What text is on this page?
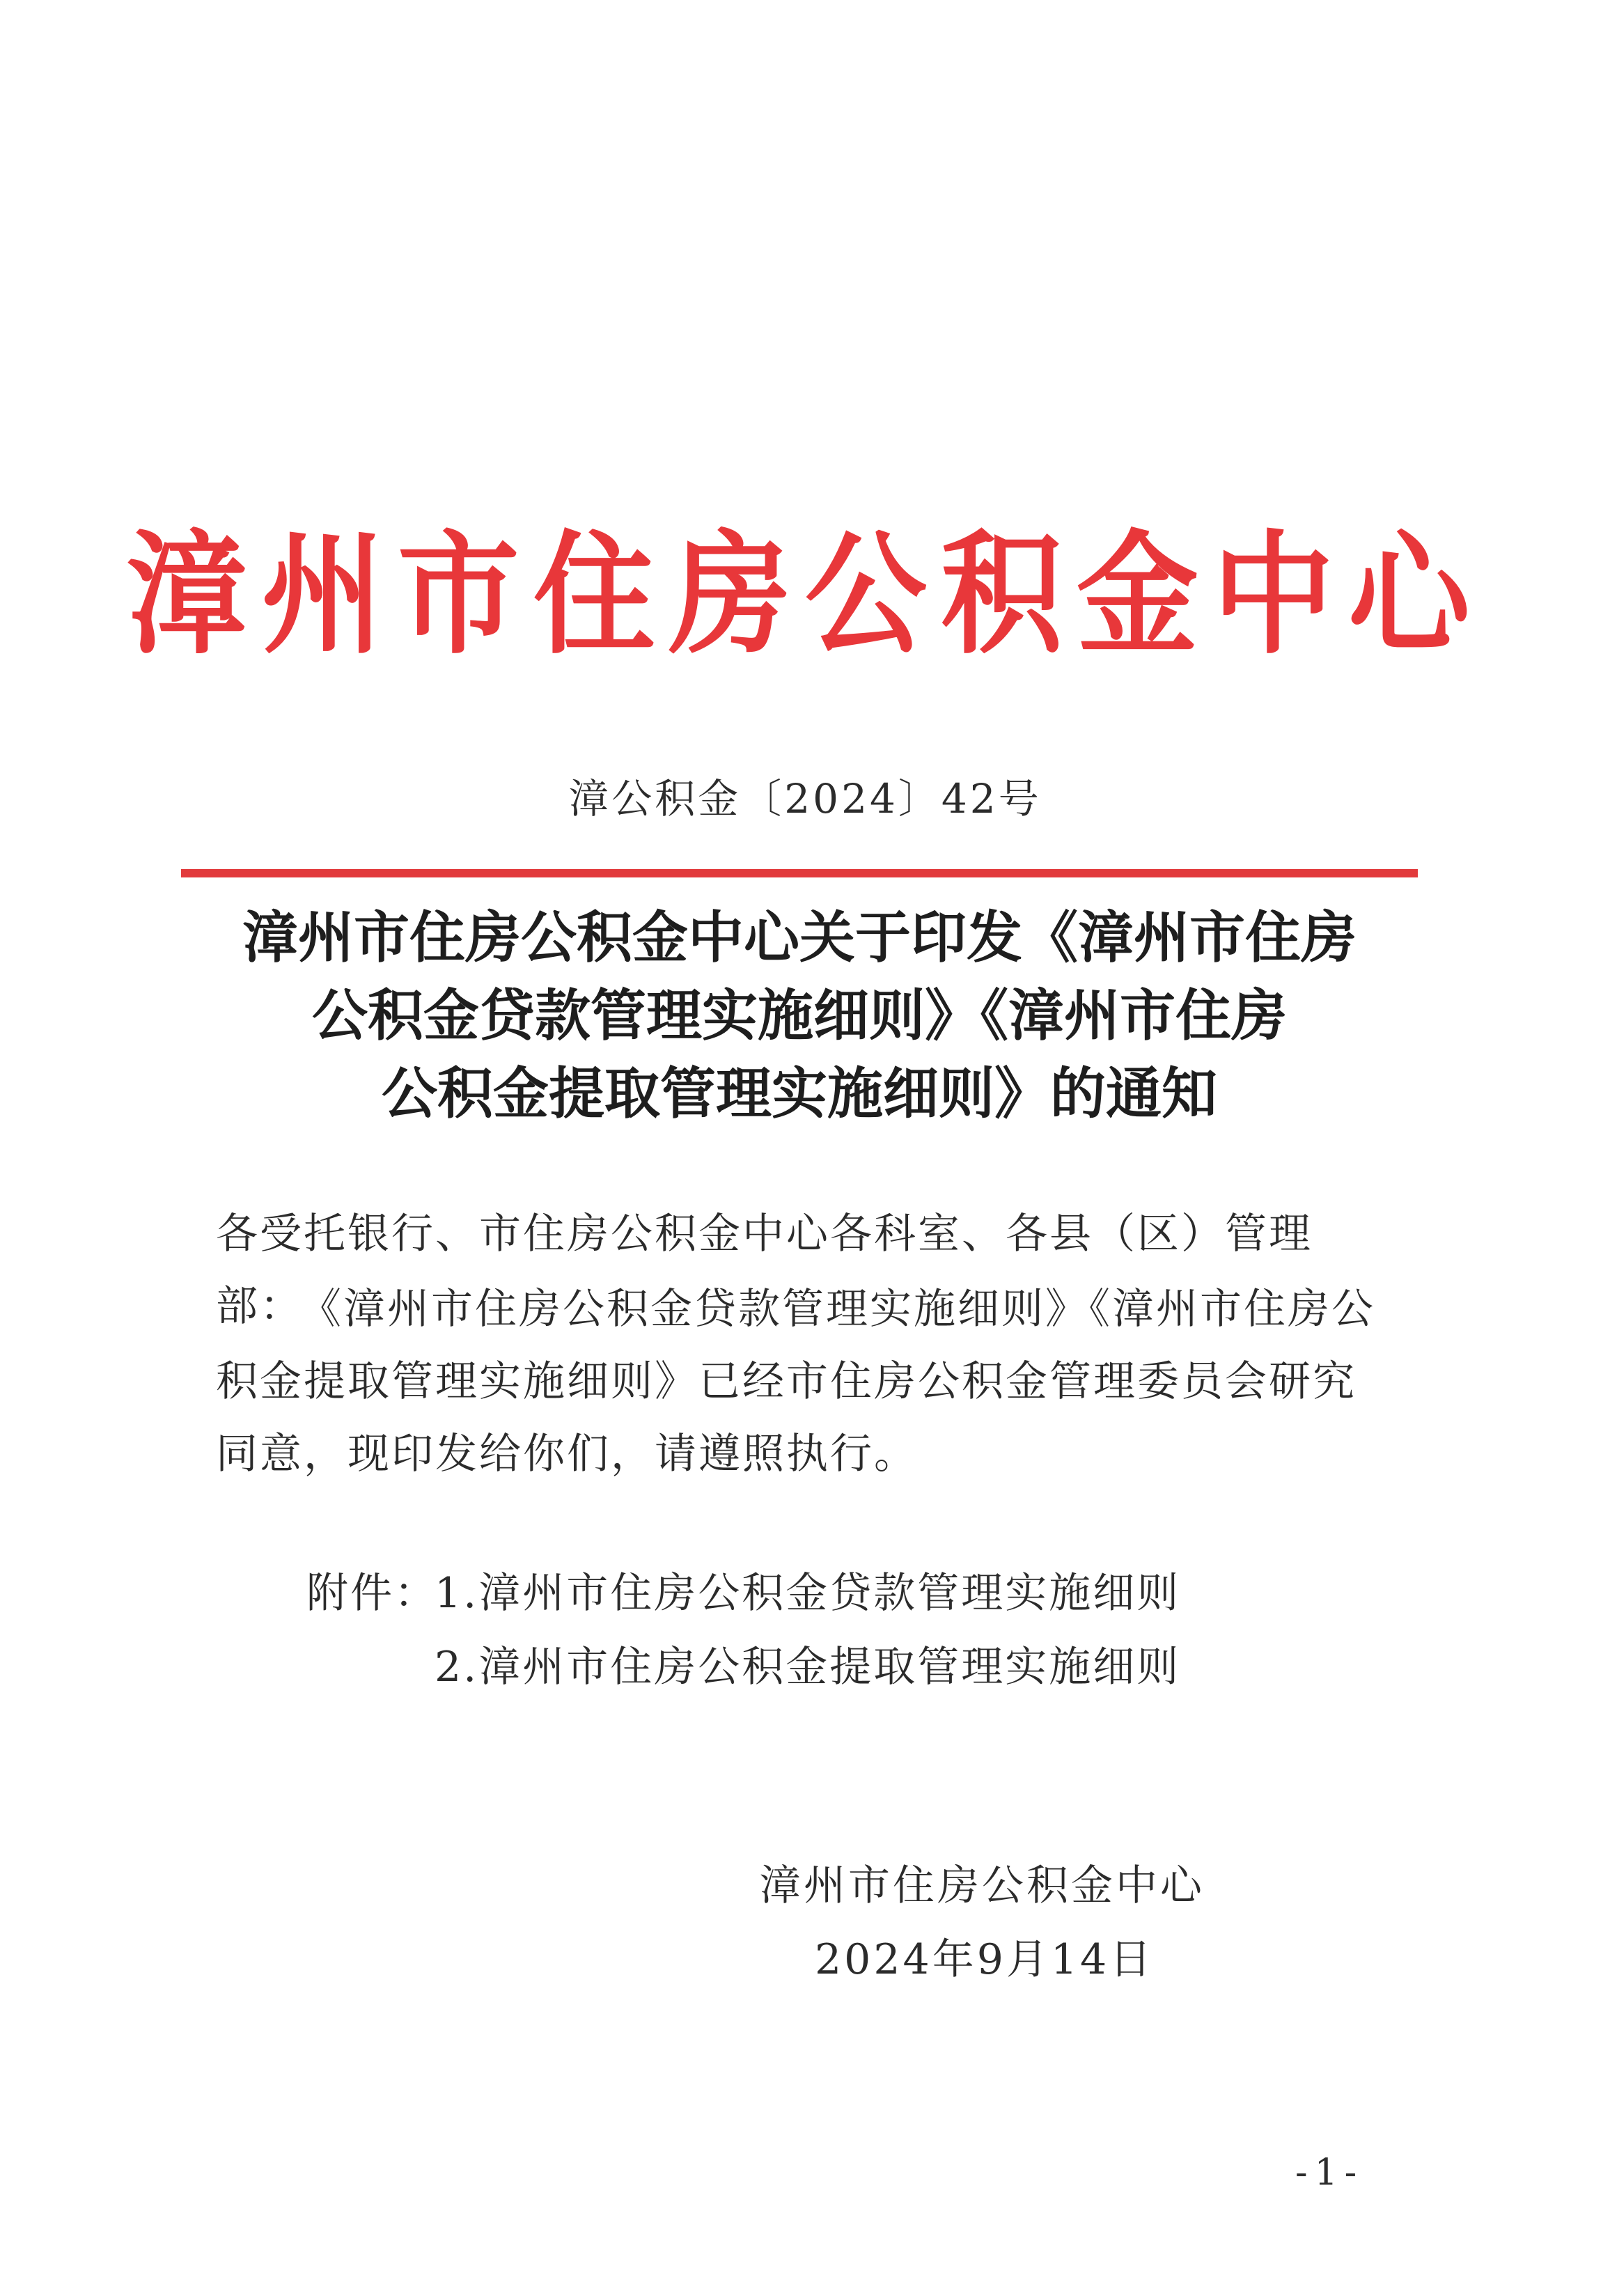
漳州市住房公积金中心
漳公积金〔2024〕42号
漳州市住房公积金中心关于印发《漳州市住房
公积金贷款管理实施细则》《漳州市住房
公积金提取管理实施细则》的通知
各受托银行、市住房公积金中心各科室、各县（区）管理部：
《漳州市住房公积金贷款管理实施细则》《漳州市住房公积金提取管理实施细则》已经市住房公积金管理委员会研究同意，现印发给你们，请遵照执行。
附件：
1.漳州市住房公积金贷款管理实施细则
2.漳州市住房公积金提取管理实施细则
漳州市住房公积金中心
2024年9月14日
-1-
